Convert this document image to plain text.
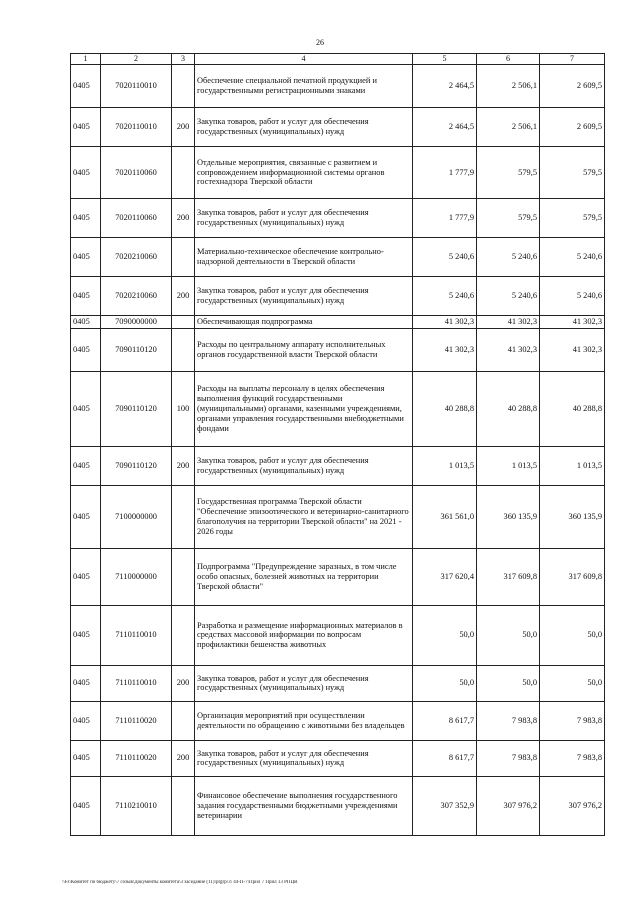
26
1	2	3	4	5	6	7
0405	7020110010		Обеспечение специальной печатной продукцией и государственными регистрационными знаками	2 464,5	2 506,1	2 609,5
0405	7020110010	200	Закупка товаров, работ и услуг для обеспечения государственных (муниципальных) нужд	2 464,5	2 506,1	2 609,5
0405	7020110060		Отдельные мероприятия, связанные с развитием и сопровождением информационной системы органов гостехнадзора Тверской области	1 777,9	579,5	579,5
0405	7020110060	200	Закупка товаров, работ и услуг для обеспечения государственных (муниципальных) нужд	1 777,9	579,5	579,5
0405	7020210060		Материально-техническое обеспечение контрольно-надзорной деятельности в Тверской области	5 240,6	5 240,6	5 240,6
0405	7020210060	200	Закупка товаров, работ и услуг для обеспечения государственных (муниципальных) нужд	5 240,6	5 240,6	5 240,6
0405	7090000000		Обеспечивающая подпрограмма	41 302,3	41 302,3	41 302,3
0405	7090110120		Расходы по центральному аппарату исполнительных органов государственной власти Тверской области	41 302,3	41 302,3	41 302,3
0405	7090110120	100	Расходы на выплаты персоналу в целях обеспечения выполнения функций государственными (муниципальными) органами, казенными учреждениями, органами управления государственными внебюджетными фондами	40 288,8	40 288,8	40 288,8
0405	7090110120	200	Закупка товаров, работ и услуг для обеспечения государственных (муниципальных) нужд	1 013,5	1 013,5	1 013,5
0405	7100000000		Государственная программа Тверской области "Обеспечение эпизоотического и ветеринарно-санитарного благополучия на территории Тверской области" на 2021 - 2026 годы	361 561,0	360 135,9	360 135,9
0405	7110000000		Подпрограмма "Предупреждение заразных, в том числе особо опасных, болезней животных на территории Тверской области"	317 620,4	317 609,8	317 609,8
0405	7110110010		Разработка и размещение информационных материалов в средствах массовой информации по вопросам профилактики бешенства животных	50,0	50,0	50,0
0405	7110110010	200	Закупка товаров, работ и услуг для обеспечения государственных (муниципальных) нужд	50,0	50,0	50,0
0405	7110110020		Организация мероприятий при осуществлении деятельности по обращению с животными без владельцев	8 617,7	7 983,8	7 983,8
0405	7110110020	200	Закупка товаров, работ и услуг для обеспечения государственных (муниципальных) нужд	8 617,7	7 983,8	7 983,8
0405	7110210010		Финансовое обеспечение выполнения государственного задания государственными бюджетными учреждениями ветеринарии	307 352,9	307 976,2	307 976,2
\\Fs\Комитет по бюджету\7 созыв\Документы комитета\3 заседание (11)\prgrp\3\ 44-П-7\Прил 7 Прил 13 РПЦВ
